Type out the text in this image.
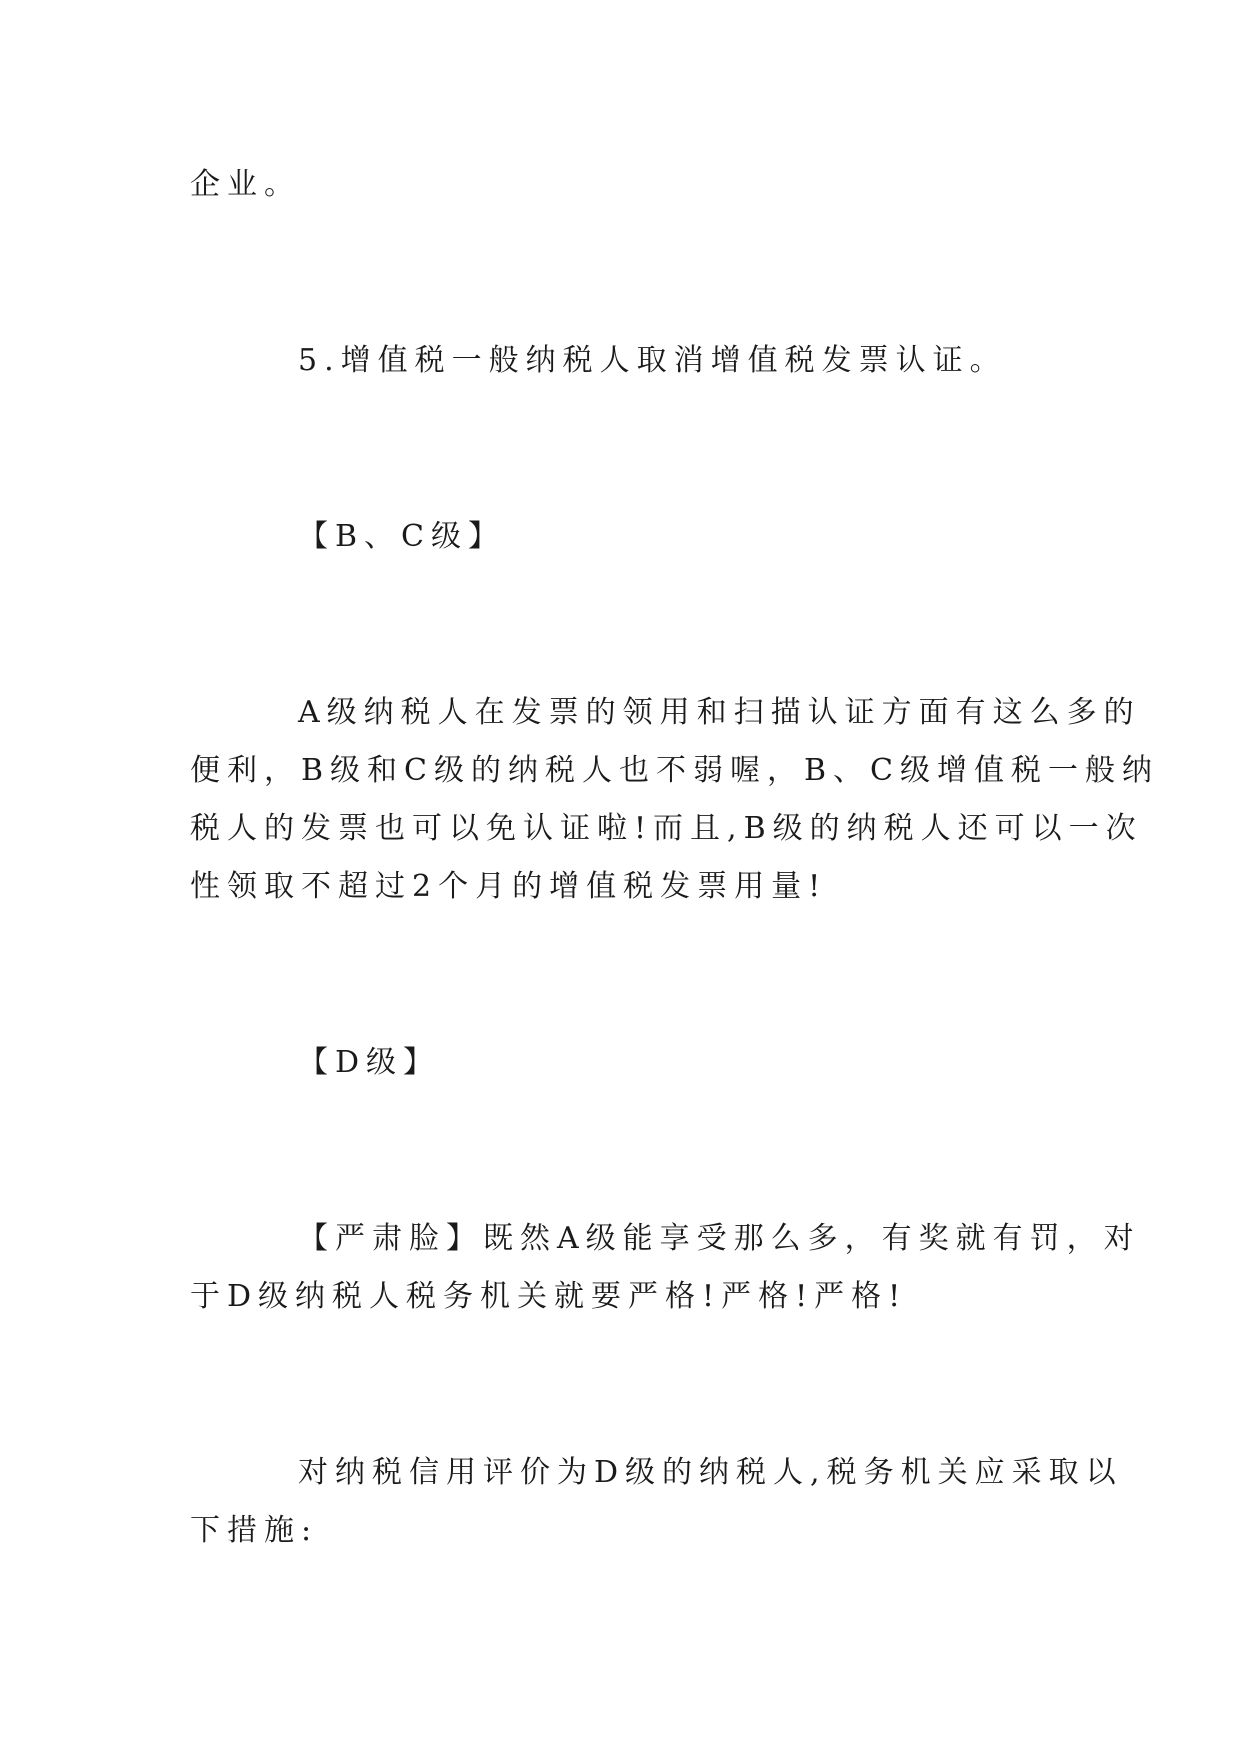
企业。

5.增值税一般纳税人取消增值税发票认证。

【B、C级】

A级纳税人在发票的领用和扫描认证方面有这么多的

便利，B级和C级的纳税人也不弱喔，B、C级增值税一般纳

税人的发票也可以免认证啦!而且,B级的纳税人还可以一次

性领取不超过2个月的增值税发票用量!

【D级】

【严肃脸】既然A级能享受那么多，有奖就有罚，对

于D级纳税人税务机关就要严格!严格!严格!

对纳税信用评价为D级的纳税人,税务机关应采取以

下措施:
